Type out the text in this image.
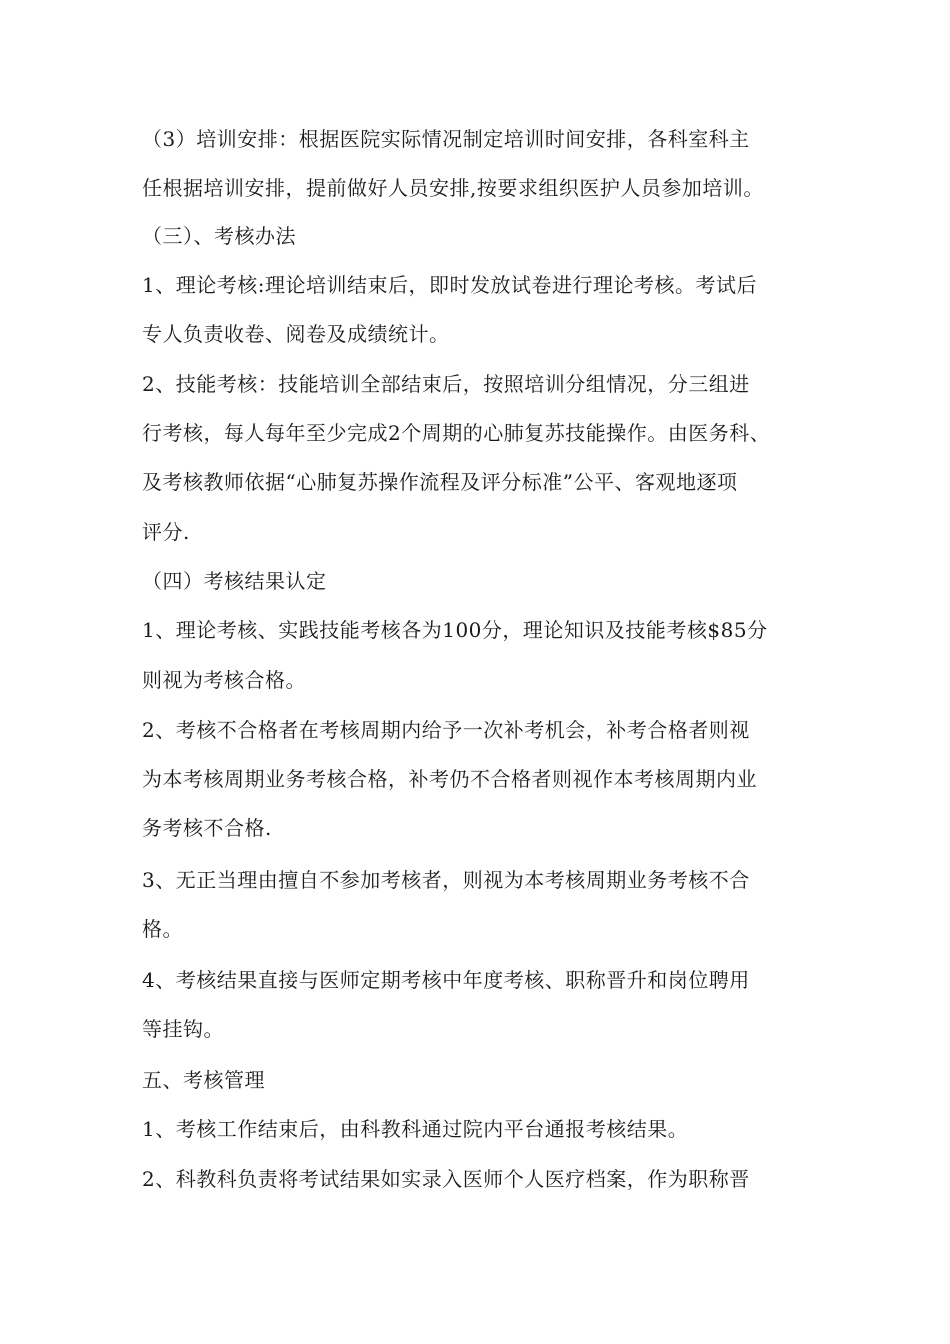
（3）培训安排：根据医院实际情况制定培训时间安排，各科室科主
任根据培训安排，提前做好人员安排,按要求组织医护人员参加培训。
（三）、考核办法
1、理论考核:理论培训结束后，即时发放试卷进行理论考核。考试后
专人负责收卷、阅卷及成绩统计。
2、技能考核：技能培训全部结束后，按照培训分组情况，分三组进
行考核，每人每年至少完成2个周期的心肺复苏技能操作。由医务科、
及考核教师依据“心肺复苏操作流程及评分标准”公平、客观地逐项
评分.
（四）考核结果认定
1、理论考核、实践技能考核各为100分，理论知识及技能考核$85分
则视为考核合格。
2、考核不合格者在考核周期内给予一次补考机会，补考合格者则视
为本考核周期业务考核合格，补考仍不合格者则视作本考核周期内业
务考核不合格.
3、无正当理由擅自不参加考核者，则视为本考核周期业务考核不合
格。
4、考核结果直接与医师定期考核中年度考核、职称晋升和岗位聘用
等挂钩。
五、考核管理
1、考核工作结束后，由科教科通过院内平台通报考核结果。
2、科教科负责将考试结果如实录入医师个人医疗档案，作为职称晋
